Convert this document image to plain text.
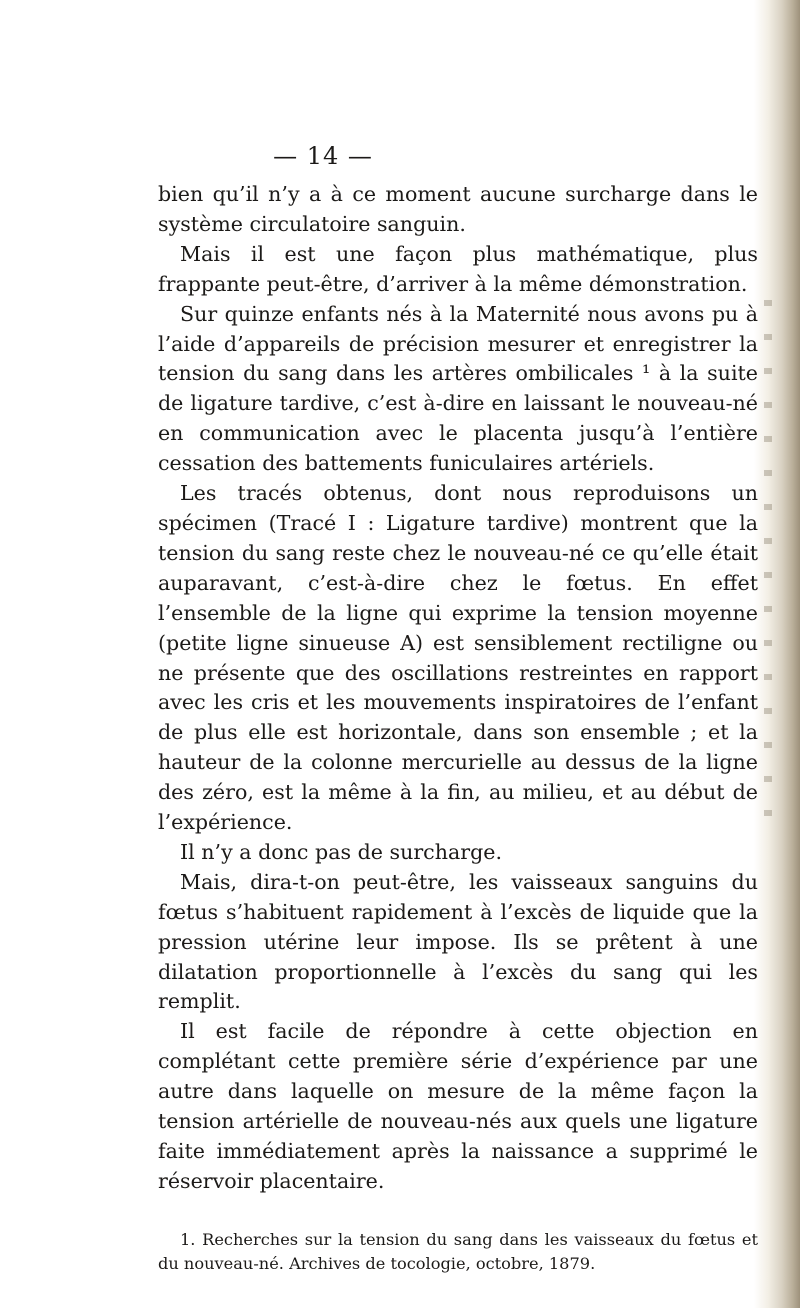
— 14 —

bien qu’il n’y a à ce moment aucune surcharge dans le système circulatoire sanguin.

Mais il est une façon plus mathématique, plus frappante peut-être, d’arriver à la même démonstration.

Sur quinze enfants nés à la Maternité nous avons pu à l’aide d’appareils de précision mesurer et enregistrer la tension du sang dans les artères ombilicales ¹ à la suite de ligature tardive, c’est à-dire en laissant le nouveau-né en communication avec le placenta jusqu’à l’entière cessation des battements funiculaires artériels.

Les tracés obtenus, dont nous reproduisons un spécimen (Tracé I : Ligature tardive) montrent que la tension du sang reste chez le nouveau-né ce qu’elle était auparavant, c’est-à-dire chez le fœtus. En effet l’ensemble de la ligne qui exprime la tension moyenne (petite ligne sinueuse A) est sensiblement rectiligne ou ne présente que des oscillations restreintes en rapport avec les cris et les mouvements inspiratoires de l’enfant de plus elle est horizontale, dans son ensemble ; et la hauteur de la colonne mercurielle au dessus de la ligne des zéro, est la même à la fin, au milieu, et au début de l’expérience.

Il n’y a donc pas de surcharge.

Mais, dira-t-on peut-être, les vaisseaux sanguins du fœtus s’habituent rapidement à l’excès de liquide que la pression utérine leur impose. Ils se prêtent à une dilatation proportionnelle à l’excès du sang qui les remplit.

Il est facile de répondre à cette objection en complétant cette première série d’expérience par une autre dans laquelle on mesure de la même façon la tension artérielle de nouveau-nés aux quels une ligature faite immédiatement après la naissance a supprimé le réservoir placentaire.

1. Recherches sur la tension du sang dans les vaisseaux du fœtus et du nouveau-né. Archives de tocologie, octobre, 1879.
